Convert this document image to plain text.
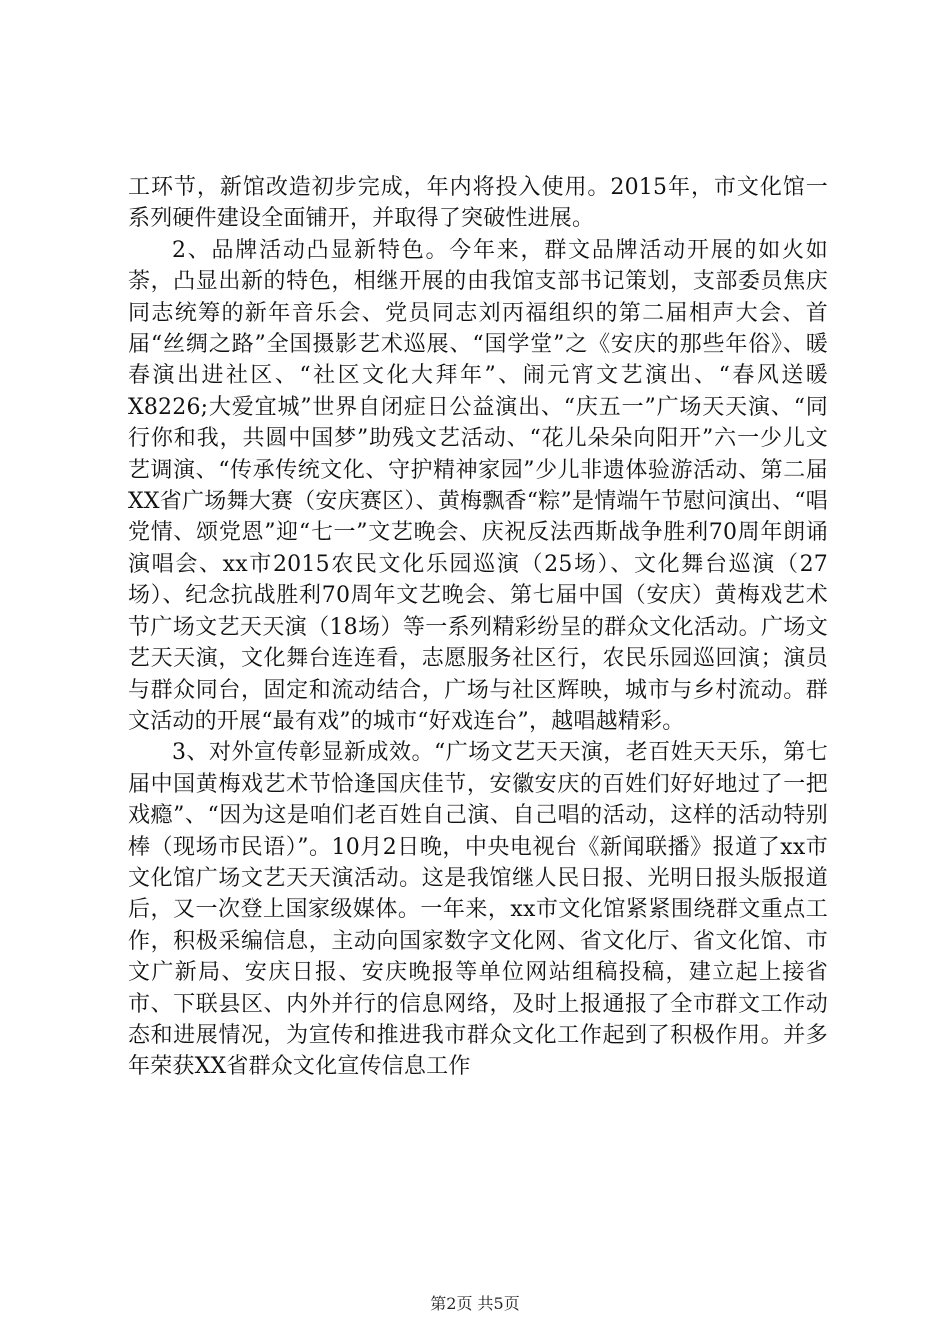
工环节，新馆改造初步完成，年内将投入使用。2015年，市文化馆一系列硬件建设全面铺开，并取得了突破性进展。

2、品牌活动凸显新特色。今年来，群文品牌活动开展的如火如荼，凸显出新的特色，相继开展的由我馆支部书记策划，支部委员焦庆同志统筹的新年音乐会、党员同志刘丙福组织的第二届相声大会、首届“丝绸之路”全国摄影艺术巡展、“国学堂”之《安庆的那些年俗》、暖春演出进社区、“社区文化大拜年”、闹元宵文艺演出、“春风送暖X8226;大爱宜城”世界自闭症日公益演出、“庆五一”广场天天演、“同行你和我，共圆中国梦”助残文艺活动、“花儿朵朵向阳开”六一少儿文艺调演、“传承传统文化、守护精神家园”少儿非遗体验游活动、第二届XX省广场舞大赛（安庆赛区）、黄梅飘香“粽”是情端午节慰问演出、“唱党情、颂党恩”迎“七一”文艺晚会、庆祝反法西斯战争胜利70周年朗诵演唱会、xx市2015农民文化乐园巡演（25场）、文化舞台巡演（27场）、纪念抗战胜利70周年文艺晚会、第七届中国（安庆）黄梅戏艺术节广场文艺天天演（18场）等一系列精彩纷呈的群众文化活动。广场文艺天天演，文化舞台连连看，志愿服务社区行，农民乐园巡回演；演员与群众同台，固定和流动结合，广场与社区辉映，城市与乡村流动。群文活动的开展“最有戏”的城市“好戏连台”，越唱越精彩。

3、对外宣传彰显新成效。“广场文艺天天演，老百姓天天乐，第七届中国黄梅戏艺术节恰逢国庆佳节，安徽安庆的百姓们好好地过了一把戏瘾”、“因为这是咱们老百姓自己演、自己唱的活动，这样的活动特别棒（现场市民语）”。10月2日晚，中央电视台《新闻联播》报道了xx市文化馆广场文艺天天演活动。这是我馆继人民日报、光明日报头版报道后，又一次登上国家级媒体。一年来，xx市文化馆紧紧围绕群文重点工作，积极采编信息，主动向国家数字文化网、省文化厅、省文化馆、市文广新局、安庆日报、安庆晚报等单位网站组稿投稿，建立起上接省市、下联县区、内外并行的信息网络，及时上报通报了全市群文工作动态和进展情况，为宣传和推进我市群众文化工作起到了积极作用。并多年荣获XX省群众文化宣传信息工作

第2页 共5页
